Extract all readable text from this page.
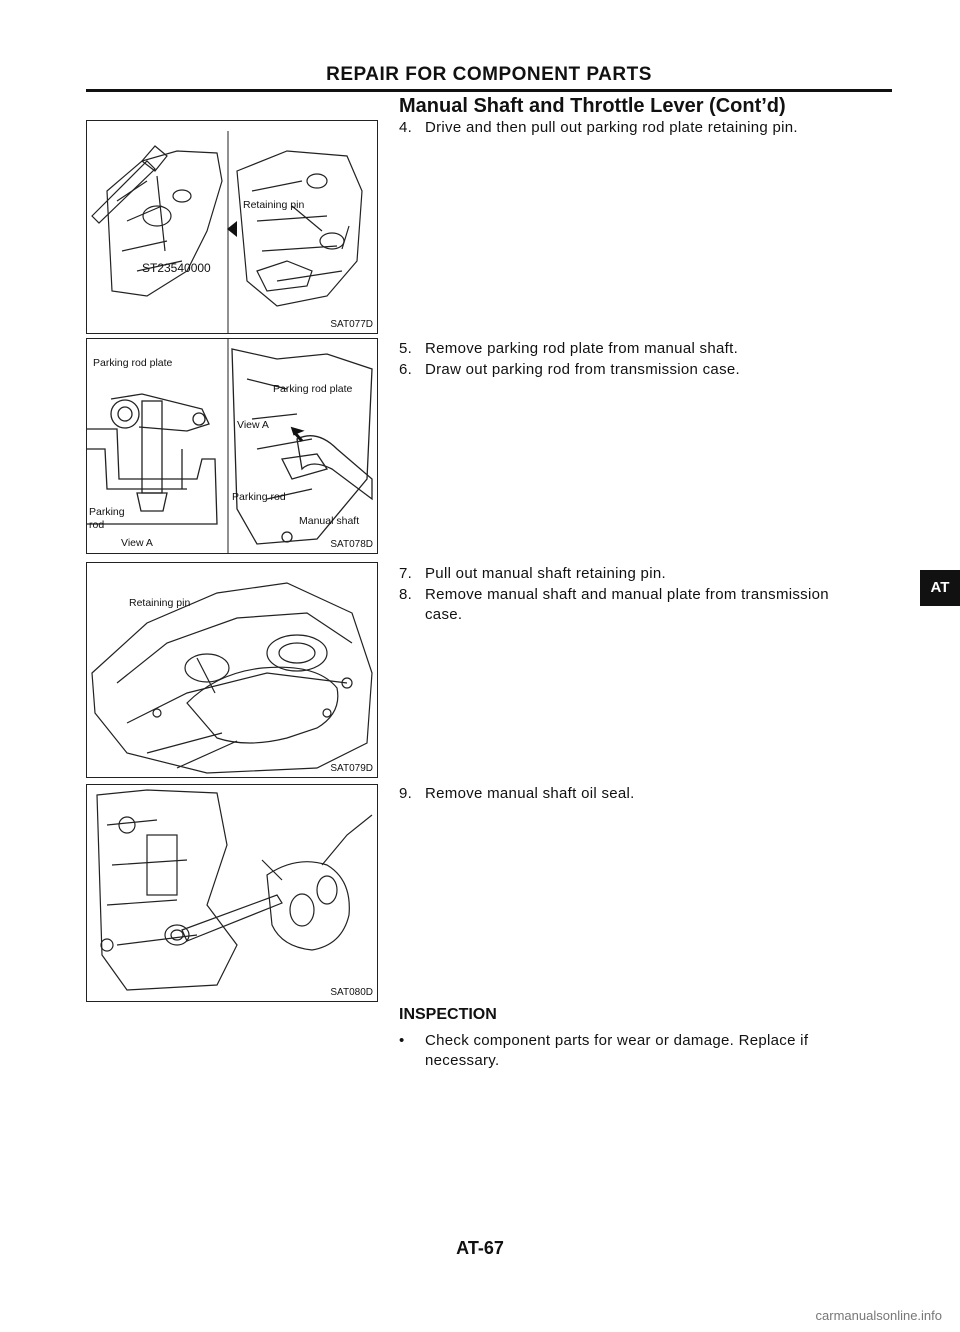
REPAIR FOR COMPONENT PARTS
Manual Shaft and Throttle Lever (Cont’d)
Retaining pin
ST23540000
SAT077D
Parking rod plate
Parking rod plate
View A
Parking rod
Manual shaft
Parking
rod
View A	SAT078D
Retaining pin
SAT079D
SAT080D
4. Drive and then pull out parking rod plate retaining pin.
5. Remove parking rod plate from manual shaft.
6. Draw out parking rod from transmission case.
7. Pull out manual shaft retaining pin.
8. Remove manual shaft and manual plate from transmission
case.
9. Remove manual shaft oil seal.
INSPECTION
• Check component parts for wear or damage. Replace if
necessary.
AT
AT-67
carmanualsonline.info
